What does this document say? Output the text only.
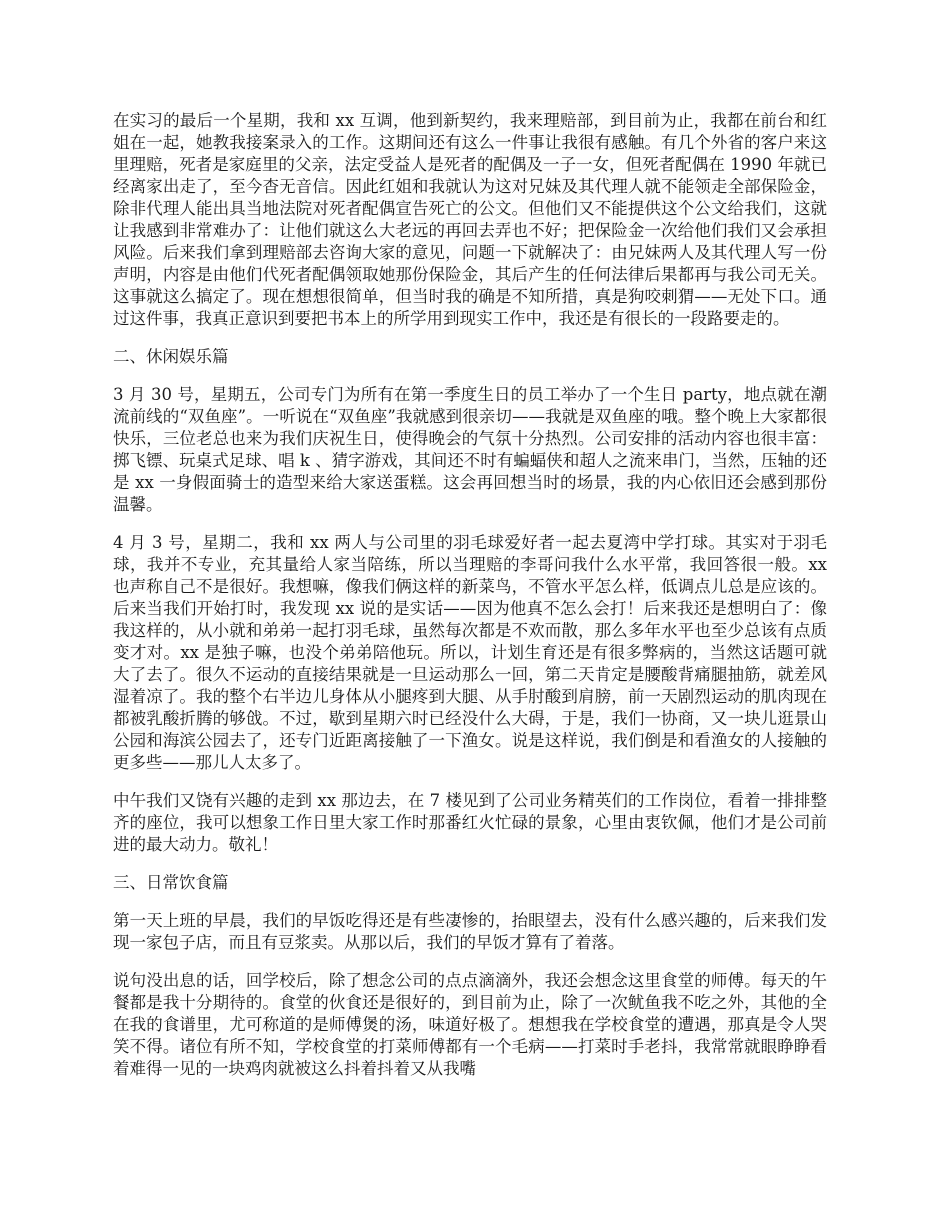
在实习的最后一个星期，我和 xx 互调，他到新契约，我来理赔部，到目前为止，我都在前台和红姐在一起，她教我接案录入的工作。这期间还有这么一件事让我很有感触。有几个外省的客户来这里理赔，死者是家庭里的父亲，法定受益人是死者的配偶及一子一女，但死者配偶在 1990 年就已经离家出走了，至今杳无音信。因此红姐和我就认为这对兄妹及其代理人就不能领走全部保险金，除非代理人能出具当地法院对死者配偶宣告死亡的公文。但他们又不能提供这个公文给我们，这就让我感到非常难办了：让他们就这么大老远的再回去弄也不好；把保险金一次给他们我们又会承担风险。后来我们拿到理赔部去咨询大家的意见，问题一下就解决了：由兄妹两人及其代理人写一份声明，内容是由他们代死者配偶领取她那份保险金，其后产生的任何法律后果都再与我公司无关。这事就这么搞定了。现在想想很简单，但当时我的确是不知所措，真是狗咬刺猬——无处下口。通过这件事，我真正意识到要把书本上的所学用到现实工作中，我还是有很长的一段路要走的。

二、休闲娱乐篇

3 月 30 号，星期五，公司专门为所有在第一季度生日的员工举办了一个生日 party，地点就在潮流前线的“双鱼座”。一听说在“双鱼座”我就感到很亲切——我就是双鱼座的哦。整个晚上大家都很快乐，三位老总也来为我们庆祝生日，使得晚会的气氛十分热烈。公司安排的活动内容也很丰富：掷飞镖、玩桌式足球、唱 k 、猜字游戏，其间还不时有蝙蝠侠和超人之流来串门，当然，压轴的还是 xx 一身假面骑士的造型来给大家送蛋糕。这会再回想当时的场景，我的内心依旧还会感到那份温馨。

4 月 3 号，星期二，我和 xx 两人与公司里的羽毛球爱好者一起去夏湾中学打球。其实对于羽毛球，我并不专业，充其量给人家当陪练，所以当理赔的李哥问我什么水平常，我回答很一般。xx 也声称自己不是很好。我想嘛，像我们俩这样的新菜鸟，不管水平怎么样，低调点儿总是应该的。后来当我们开始打时，我发现 xx 说的是实话——因为他真不怎么会打！后来我还是想明白了：像我这样的，从小就和弟弟一起打羽毛球，虽然每次都是不欢而散，那么多年水平也至少总该有点质变才对。xx 是独子嘛，也没个弟弟陪他玩。所以，计划生育还是有很多弊病的，当然这话题可就大了去了。很久不运动的直接结果就是一旦运动那么一回，第二天肯定是腰酸背痛腿抽筋，就差风湿着凉了。我的整个右半边儿身体从小腿疼到大腿、从手肘酸到肩膀，前一天剧烈运动的肌肉现在都被乳酸折腾的够戗。不过，歇到星期六时已经没什么大碍，于是，我们一协商，又一块儿逛景山公园和海滨公园去了，还专门近距离接触了一下渔女。说是这样说，我们倒是和看渔女的人接触的更多些——那儿人太多了。

中午我们又饶有兴趣的走到 xx 那边去，在 7 楼见到了公司业务精英们的工作岗位，看着一排排整齐的座位，我可以想象工作日里大家工作时那番红火忙碌的景象，心里由衷钦佩，他们才是公司前进的最大动力。敬礼！

三、日常饮食篇

第一天上班的早晨，我们的早饭吃得还是有些凄惨的，抬眼望去，没有什么感兴趣的，后来我们发现一家包子店，而且有豆浆卖。从那以后，我们的早饭才算有了着落。

说句没出息的话，回学校后，除了想念公司的点点滴滴外，我还会想念这里食堂的师傅。每天的午餐都是我十分期待的。食堂的伙食还是很好的，到目前为止，除了一次鱿鱼我不吃之外，其他的全在我的食谱里，尤可称道的是师傅煲的汤，味道好极了。想想我在学校食堂的遭遇，那真是令人哭笑不得。诸位有所不知，学校食堂的打菜师傅都有一个毛病——打菜时手老抖，我常常就眼睁睁看着难得一见的一块鸡肉就被这么抖着抖着又从我嘴
